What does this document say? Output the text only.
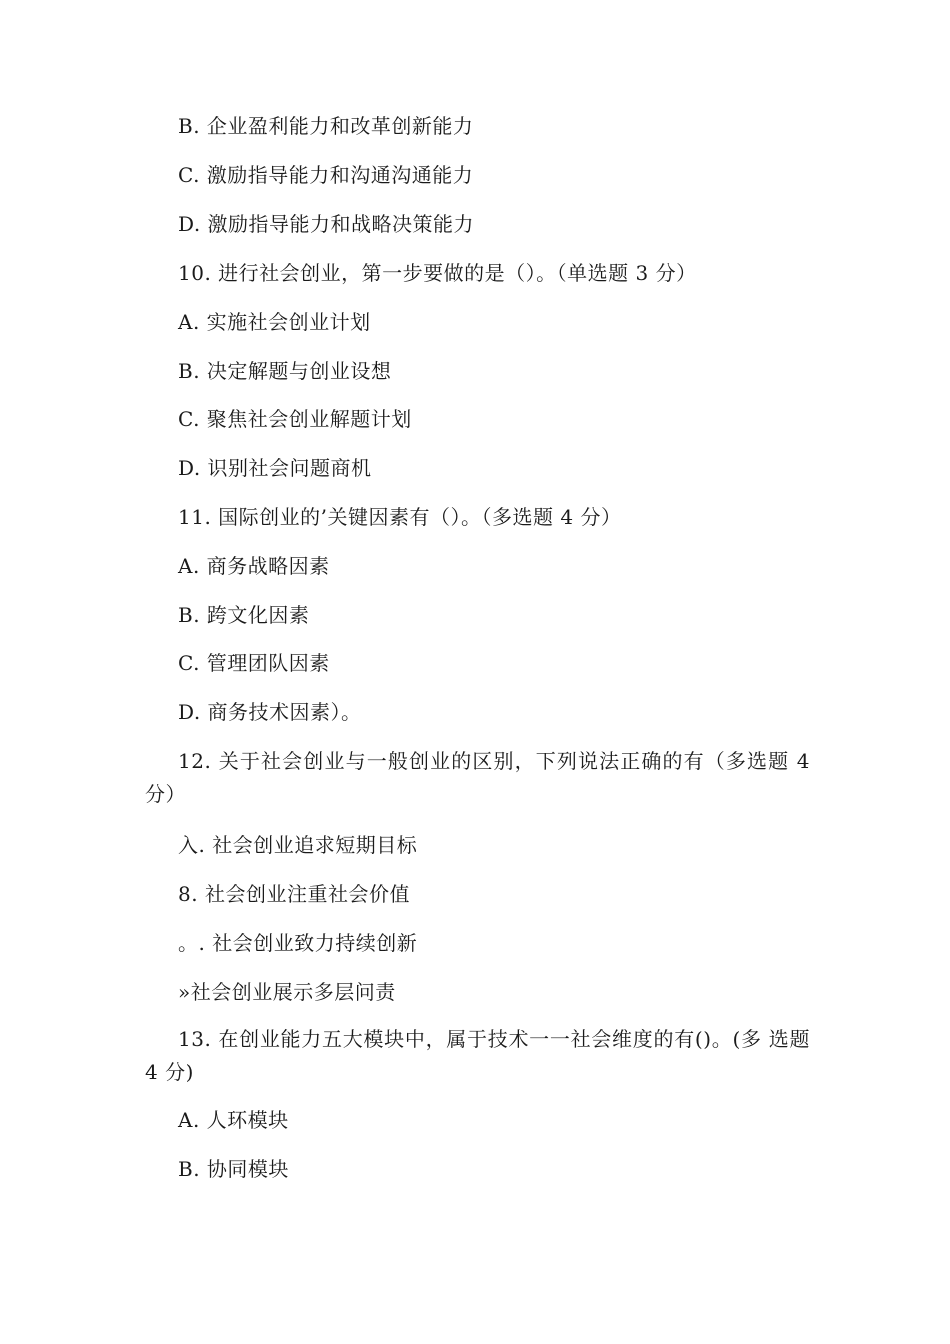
B. 企业盈利能力和改革创新能力
C. 激励指导能力和沟通沟通能力
D. 激励指导能力和战略决策能力
10. 进行社会创业，第一步要做的是（）。（单选题 3 分）
A. 实施社会创业计划
B. 决定解题与创业设想
C. 聚焦社会创业解题计划
D. 识别社会问题商机
11. 国际创业的’关键因素有（）。（多选题 4 分）
A. 商务战略因素
B. 跨文化因素
C. 管理团队因素
D. 商务技术因素）。
12. 关于社会创业与一般创业的区别，下列说法正确的有（多选题 4 分）
入. 社会创业追求短期目标
8. 社会创业注重社会价值
。. 社会创业致力持续创新
»社会创业展示多层问责
13. 在创业能力五大模块中，属于技术一一社会维度的有()。(多 选题 4 分)
A. 人环模块
B. 协同模块
